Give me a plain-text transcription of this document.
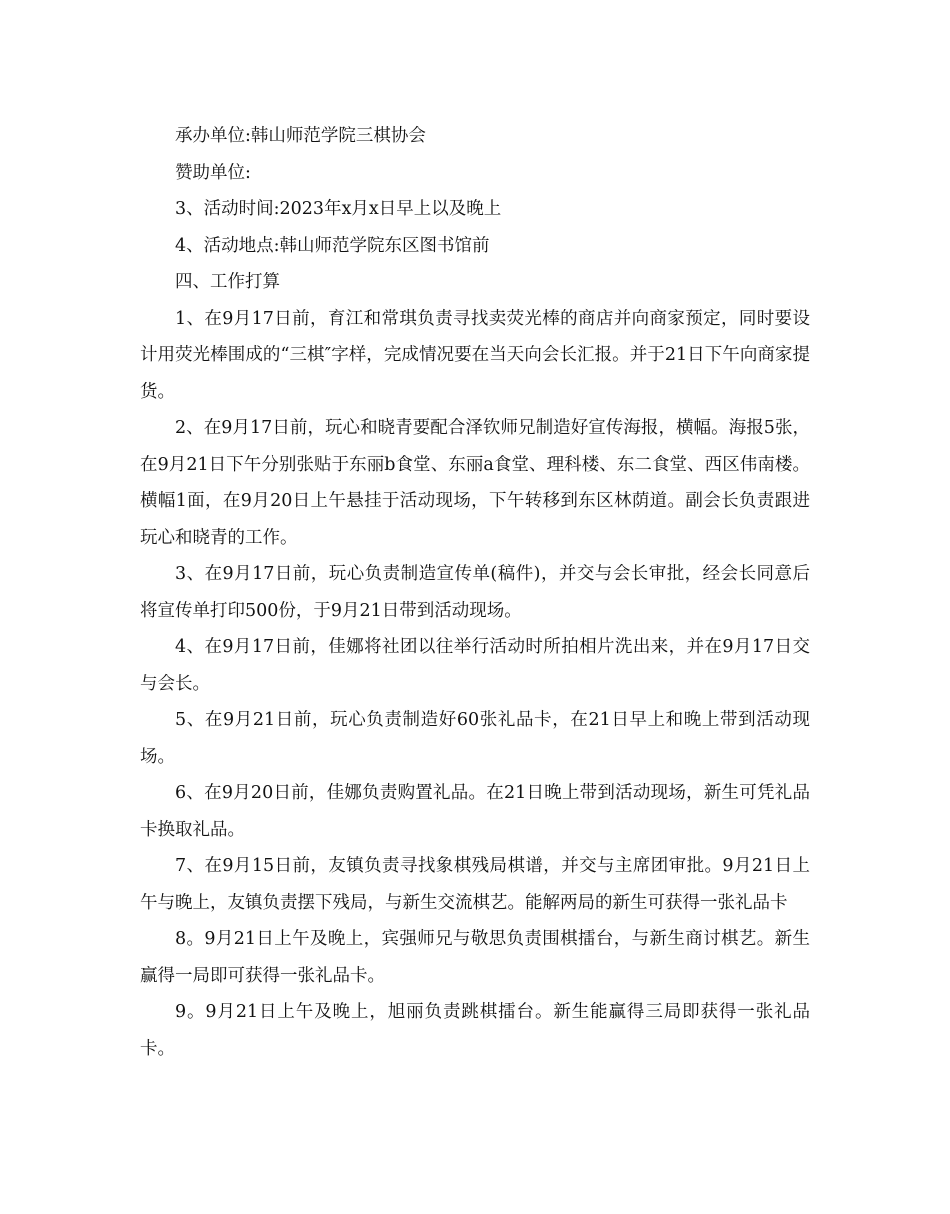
承办单位:韩山师范学院三棋协会

赞助单位:

3、活动时间:2023年x月x日早上以及晚上

4、活动地点:韩山师范学院东区图书馆前

四、工作打算

1、在9月17日前，育江和常琪负责寻找卖荧光棒的商店并向商家预定，同时要设计用荧光棒围成的“三棋″字样，完成情况要在当天向会长汇报。并于21日下午向商家提货。

2、在9月17日前，玩心和晓青要配合泽钦师兄制造好宣传海报，横幅。海报5张，在9月21日下午分别张贴于东丽b食堂、东丽a食堂、理科楼、东二食堂、西区伟南楼。横幅1面，在9月20日上午悬挂于活动现场，下午转移到东区林荫道。副会长负责跟进玩心和晓青的工作。

3、在9月17日前，玩心负责制造宣传单(稿件)，并交与会长审批，经会长同意后将宣传单打印500份，于9月21日带到活动现场。

4、在9月17日前，佳娜将社团以往举行活动时所拍相片洗出来，并在9月17日交与会长。

5、在9月21日前，玩心负责制造好60张礼品卡，在21日早上和晚上带到活动现场。

6、在9月20日前，佳娜负责购置礼品。在21日晚上带到活动现场，新生可凭礼品卡换取礼品。

7、在9月15日前，友镇负责寻找象棋残局棋谱，并交与主席团审批。9月21日上午与晚上，友镇负责摆下残局，与新生交流棋艺。能解两局的新生可获得一张礼品卡

8。9月21日上午及晚上，宾强师兄与敬思负责围棋擂台，与新生商讨棋艺。新生赢得一局即可获得一张礼品卡。

9。9月21日上午及晚上，旭丽负责跳棋擂台。新生能赢得三局即获得一张礼品卡。
